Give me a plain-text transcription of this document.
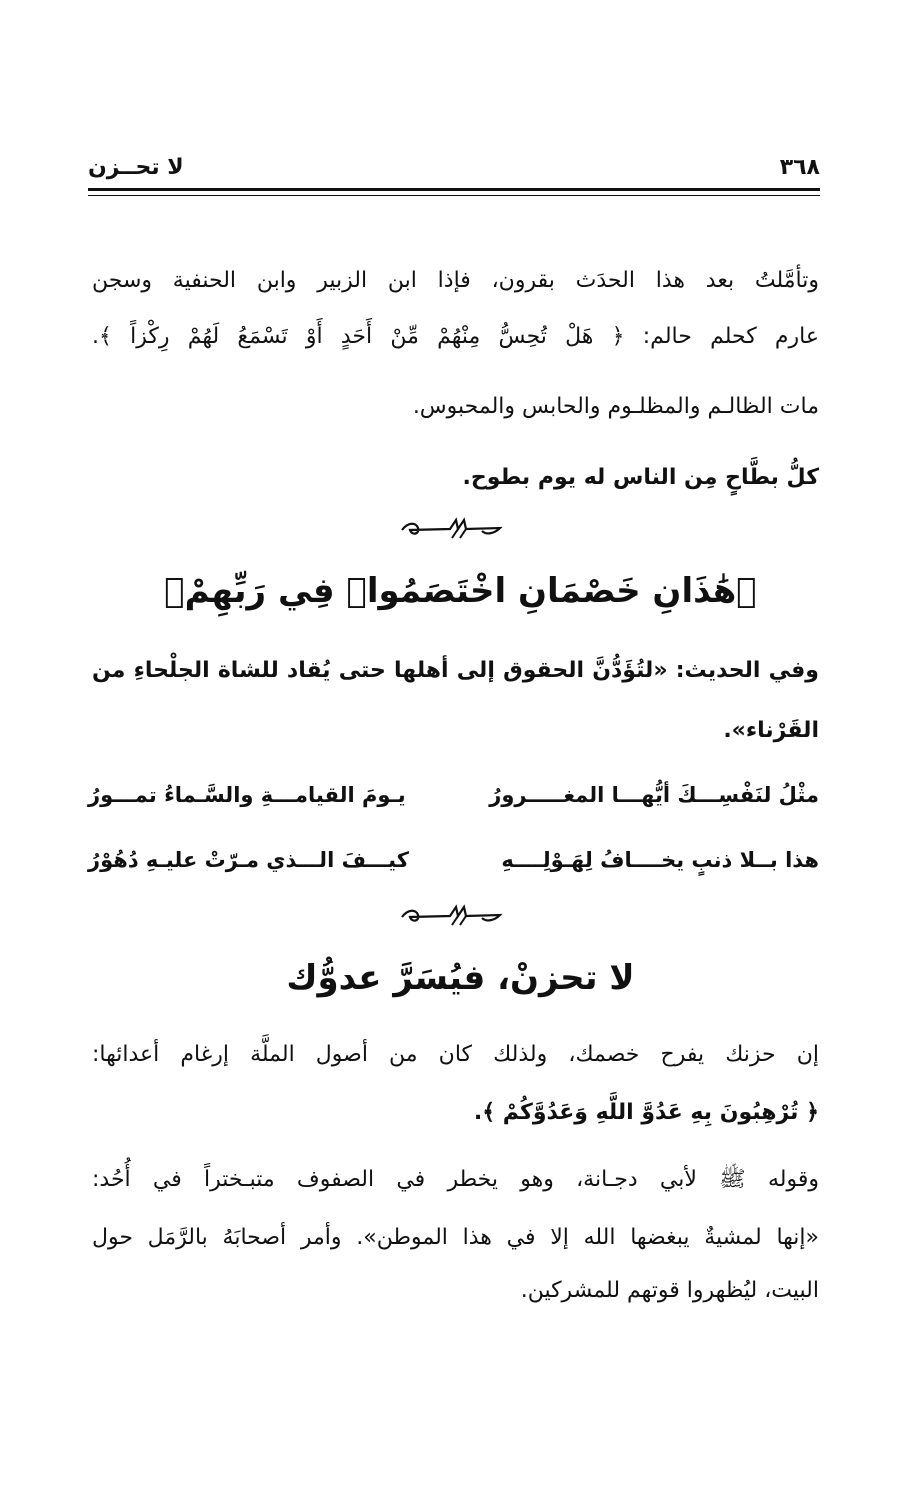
٣٦٨
لا تحــزن
وتأمَّلتُ بعد هذا الحدَث بقرون، فإذا ابن الزبير وابن الحنفية وسجن
عارم كحلم حالم: ﴿ هَلْ تُحِسُّ مِنْهُمْ مِّنْ أَحَدٍ أَوْ تَسْمَعُ لَهُمْ رِكْزاً ﴾.
مات الظالـم والمظلـوم والحابس والمحبوس.
كلُّ بطَّاحٍ مِن الناس له يوم بطوح.
﴿هَٰذَانِ خَصْمَانِ اخْتَصَمُوا۟ فِي رَبِّهِمْ﴾
وفي الحديث: «لتُؤَدُّنَّ الحقوق إلى أهلها حتى يُقاد للشاة الجلْحاءِ من
القَرْناء».
مثْلُ لنَفْسِـــكَ أيُّهـــا المغـــــرورُ
يـومَ القيامـــةِ والسَّـماءُ تمـــورُ
هذا بــلا ذنبٍ يخــــافُ لِهَـوْلِــــهِ
كيـــفَ الـــذي مـرّتْ عليـهِ دُهُوْرُ
لا تحزنْ، فيُسَرَّ عدوُّك
إن حزنك يفرح خصمك، ولذلك كان من أصول الملَّة إرغام أعدائها:
﴿ تُرْهِبُونَ بِهِ عَدُوَّ اللَّهِ وَعَدُوَّكُمْ ﴾.
وقوله ﷺ لأبي دجـانة، وهو يخطر في الصفوف متبـختراً في أُحُد:
«إنها لمشيةٌ يبغضها الله إلا في هذا الموطن». وأمر أصحابَهُ بالرَّمَل حول
البيت، ليُظهروا قوتهم للمشركين.
